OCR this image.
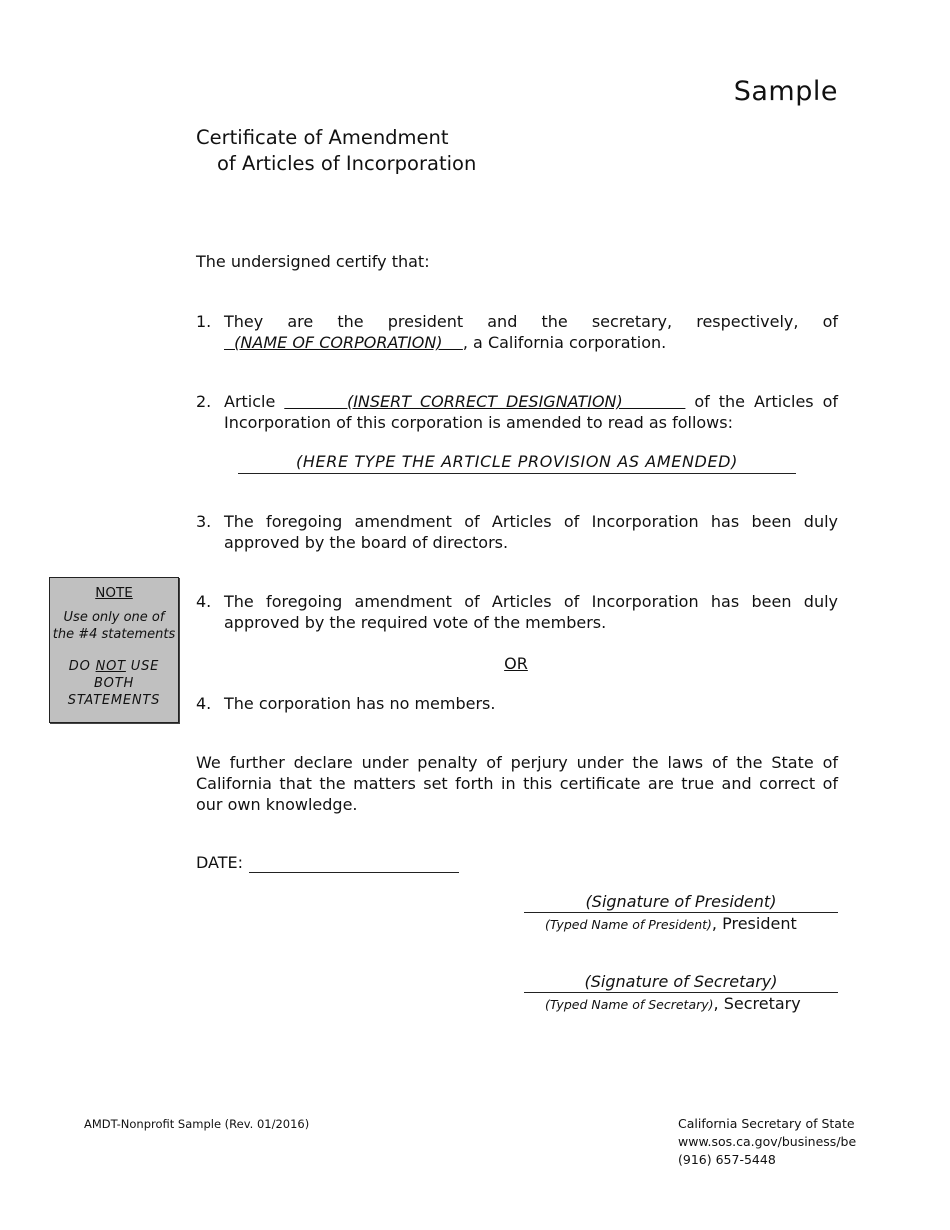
Sample
Certificate of Amendment
of Articles of Incorporation
The undersigned certify that:
1. They are the president and the secretary, respectively, of   (NAME OF CORPORATION)    , a California corporation.
2. Article        (INSERT CORRECT DESIGNATION)        of the Articles of Incorporation of this corporation is amended to read as follows:
(HERE TYPE THE ARTICLE PROVISION AS AMENDED)
3. The foregoing amendment of Articles of Incorporation has been duly approved by the board of directors.
4. The foregoing amendment of Articles of Incorporation has been duly approved by the required vote of the members.
OR
4. The corporation has no members.
We further declare under penalty of perjury under the laws of the State of California that the matters set forth in this certificate are true and correct of our own knowledge.
DATE:
(Signature of President)
(Typed Name of President), President
(Signature of Secretary)
(Typed Name of Secretary), Secretary
NOTE
Use only one of
the #4 statements
DO NOT USE
BOTH
STATEMENTS
AMDT-Nonprofit Sample (Rev. 01/2016)	California Secretary of State
www.sos.ca.gov/business/be
(916) 657-5448
